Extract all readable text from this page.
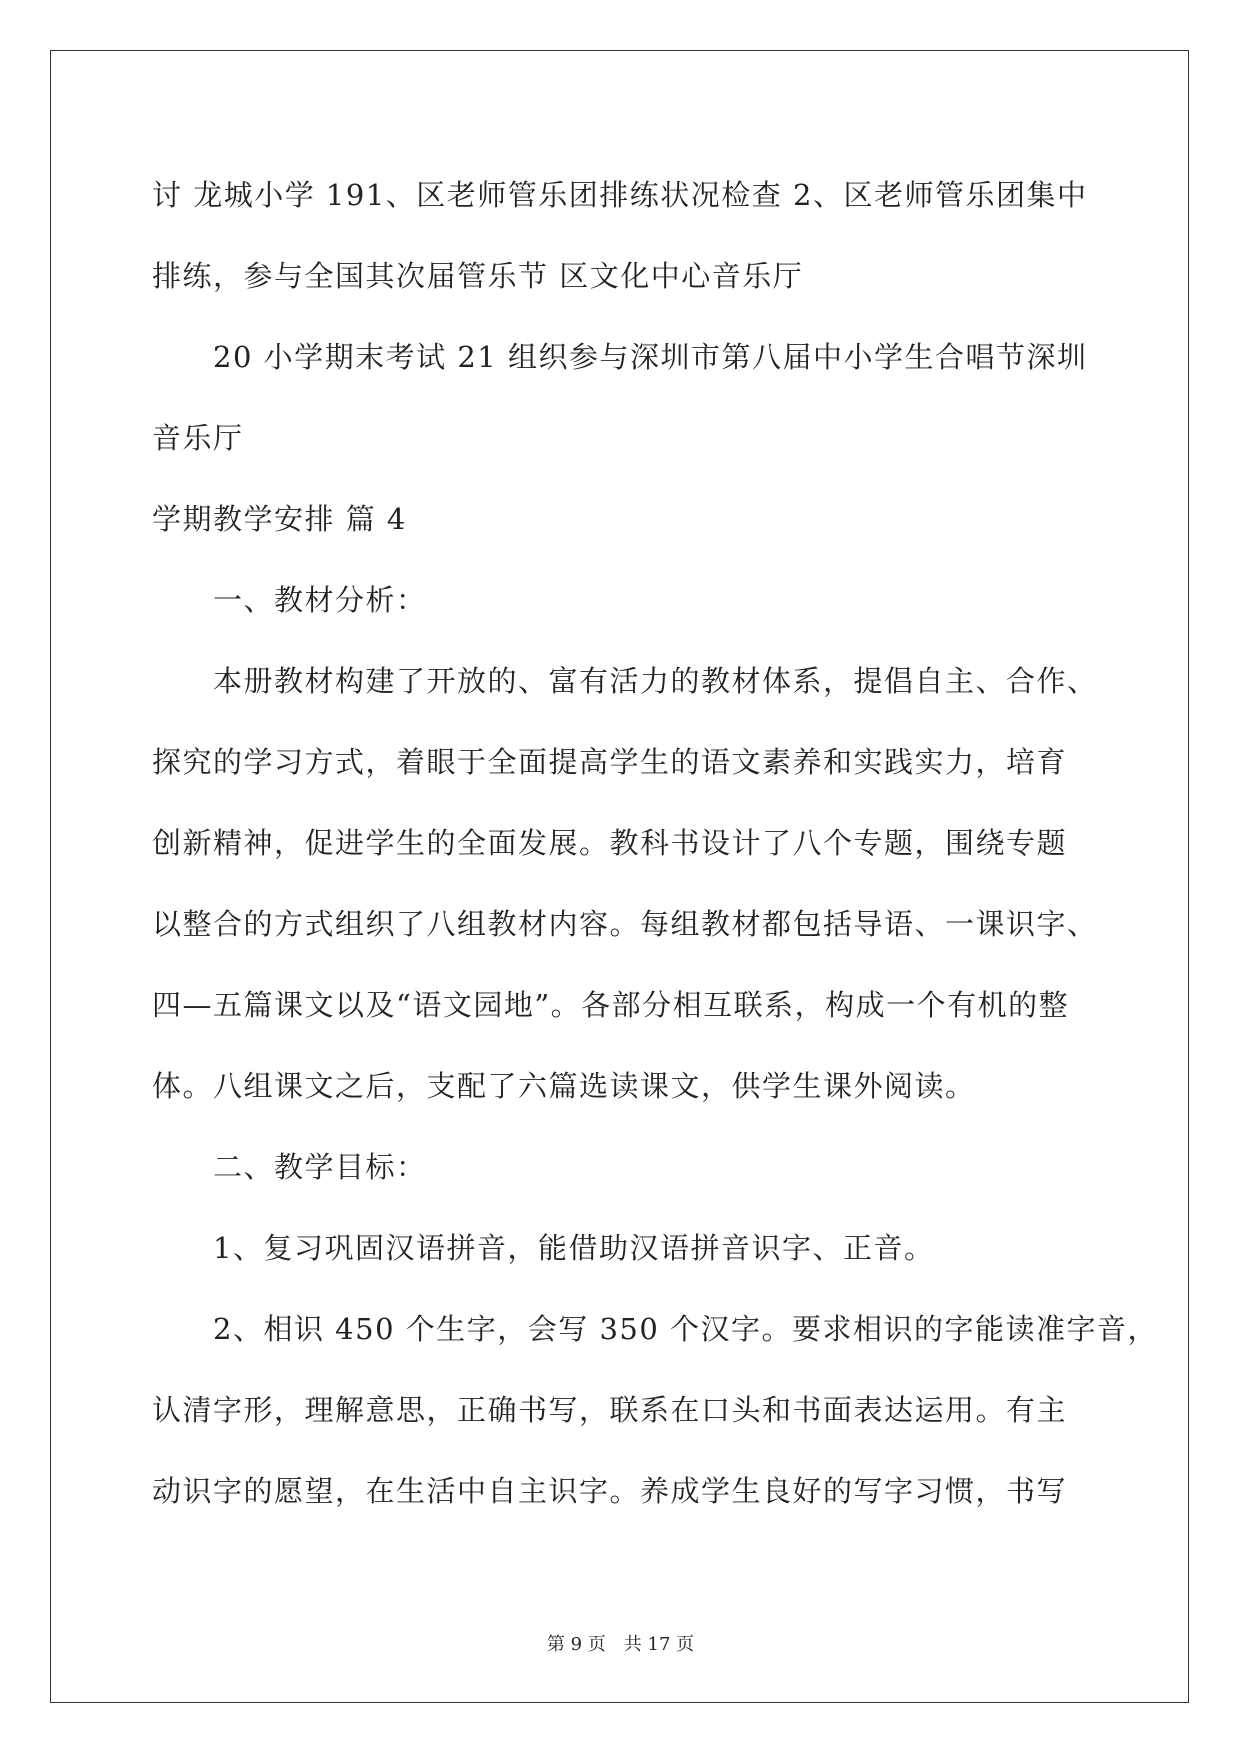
讨 龙城小学 191、区老师管乐团排练状况检查 2、区老师管乐团集中
排练，参与全国其次届管乐节 区文化中心音乐厅
　　20 小学期末考试 21 组织参与深圳市第八届中小学生合唱节深圳
音乐厅
学期教学安排 篇 4
　　一、教材分析：
　　本册教材构建了开放的、富有活力的教材体系，提倡自主、合作、
探究的学习方式，着眼于全面提高学生的语文素养和实践实力，培育
创新精神，促进学生的全面发展。教科书设计了八个专题，围绕专题
以整合的方式组织了八组教材内容。每组教材都包括导语、一课识字、
四—五篇课文以及“语文园地”。各部分相互联系，构成一个有机的整
体。八组课文之后，支配了六篇选读课文，供学生课外阅读。
　　二、教学目标：
　　1、复习巩固汉语拼音，能借助汉语拼音识字、正音。
　　2、相识 450 个生字，会写 350 个汉字。要求相识的字能读准字音，
认清字形，理解意思，正确书写，联系在口头和书面表达运用。有主
动识字的愿望，在生活中自主识字。养成学生良好的写字习惯，书写
第 9 页　共 17 页
